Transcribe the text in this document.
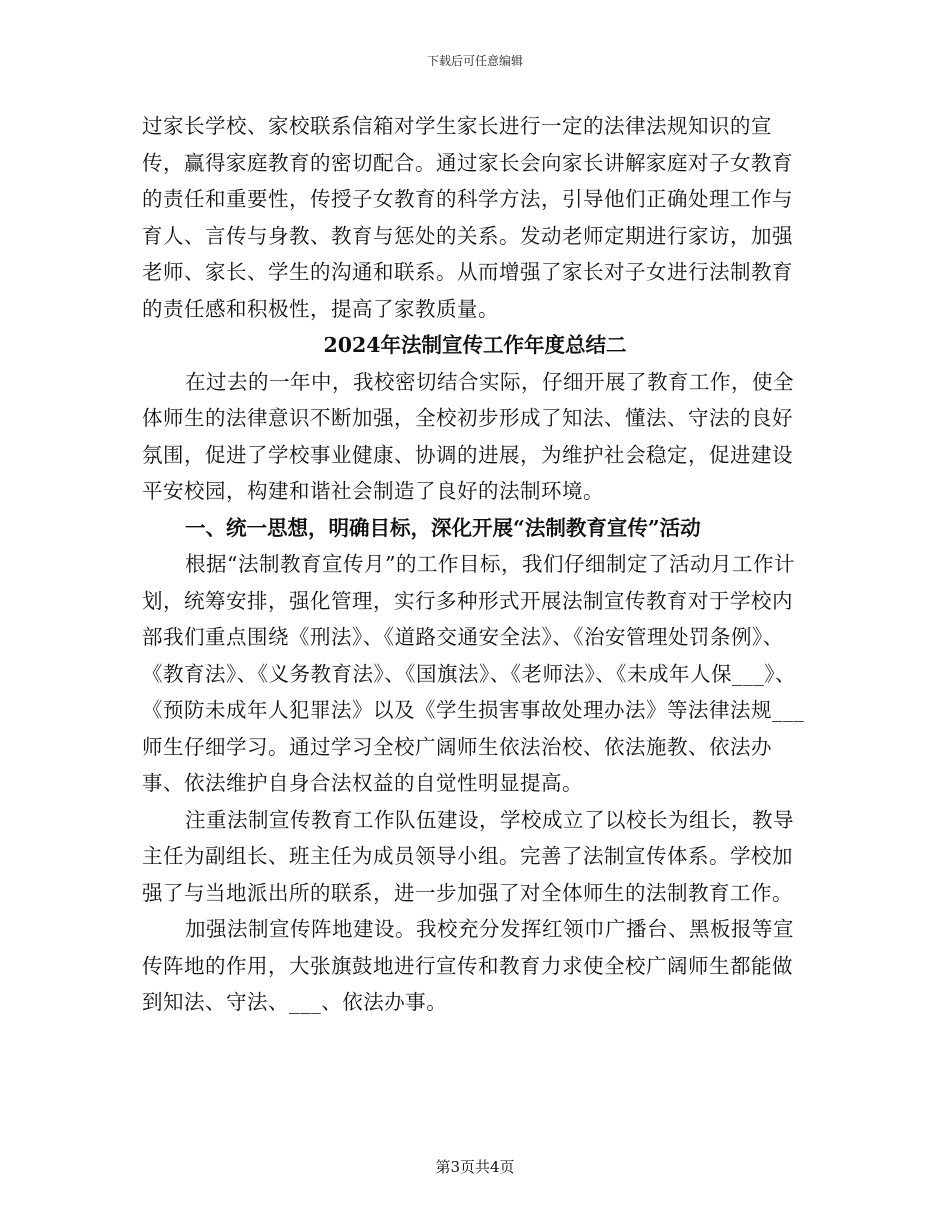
下载后可任意编辑

过家长学校、家校联系信箱对学生家长进行一定的法律法规知识的宣传，赢得家庭教育的密切配合。通过家长会向家长讲解家庭对子女教育的责任和重要性，传授子女教育的科学方法，引导他们正确处理工作与育人、言传与身教、教育与惩处的关系。发动老师定期进行家访，加强老师、家长、学生的沟通和联系。从而增强了家长对子女进行法制教育的责任感和积极性，提高了家教质量。

2024年法制宣传工作年度总结二

在过去的一年中，我校密切结合实际，仔细开展了教育工作，使全体师生的法律意识不断加强，全校初步形成了知法、懂法、守法的良好氛围，促进了学校事业健康、协调的进展，为维护社会稳定，促进建设平安校园，构建和谐社会制造了良好的法制环境。

一、统一思想，明确目标，深化开展“法制教育宣传”活动

根据“法制教育宣传月”的工作目标，我们仔细制定了活动月工作计划，统筹安排，强化管理，实行多种形式开展法制宣传教育对于学校内部我们重点围绕《刑法》、《道路交通安全法》、《治安管理处罚条例》、《教育法》、《义务教育法》、《国旗法》、《老师法》、《未成年人保___》、《预防未成年人犯罪法》以及《学生损害事故处理办法》等法律法规___师生仔细学习。通过学习全校广阔师生依法治校、依法施教、依法办事、依法维护自身合法权益的自觉性明显提高。

注重法制宣传教育工作队伍建设，学校成立了以校长为组长，教导主任为副组长、班主任为成员领导小组。完善了法制宣传体系。学校加强了与当地派出所的联系，进一步加强了对全体师生的法制教育工作。

加强法制宣传阵地建设。我校充分发挥红领巾广播台、黑板报等宣传阵地的作用，大张旗鼓地进行宣传和教育力求使全校广阔师生都能做到知法、守法、___、依法办事。

第3页共4页
